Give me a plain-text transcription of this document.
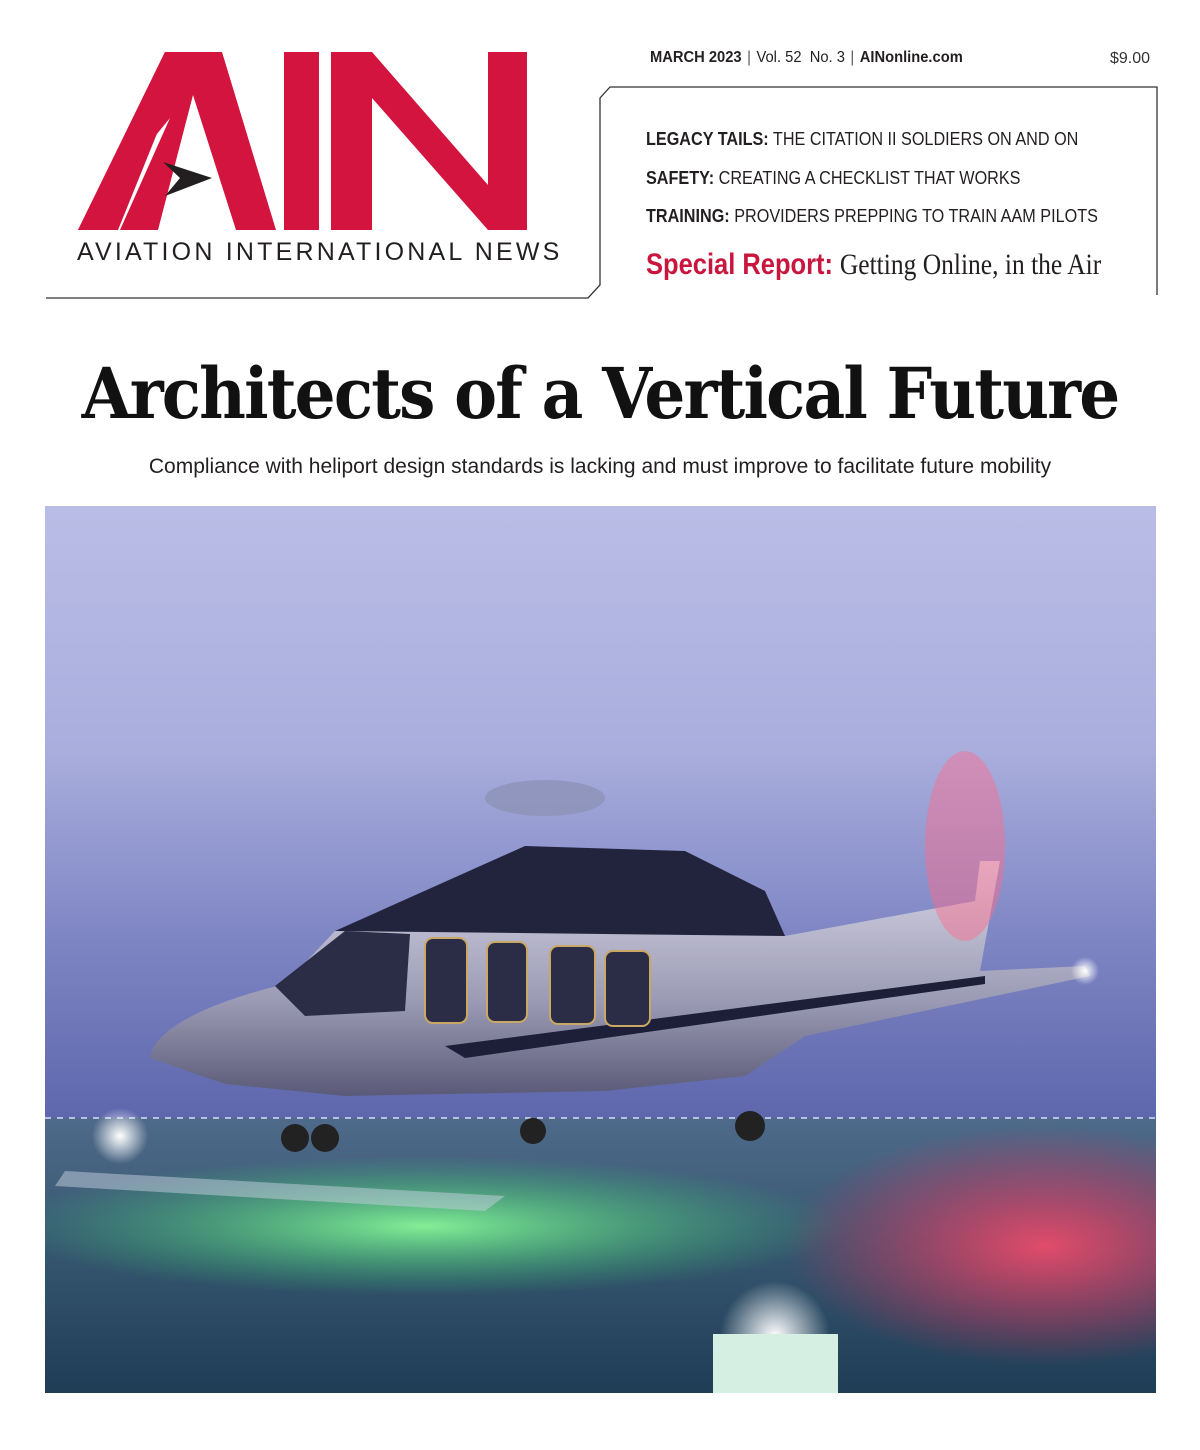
AVIATION INTERNATIONAL NEWS
MARCH 2023 | Vol. 52 No. 3 | AINonline.com	$9.00
LEGACY TAILS: THE CITATION II SOLDIERS ON AND ON
SAFETY: CREATING A CHECKLIST THAT WORKS
TRAINING: PROVIDERS PREPPING TO TRAIN AAM PILOTS
Special Report: Getting Online, in the Air
Architects of a Vertical Future
Compliance with heliport design standards is lacking and must improve to facilitate future mobility
